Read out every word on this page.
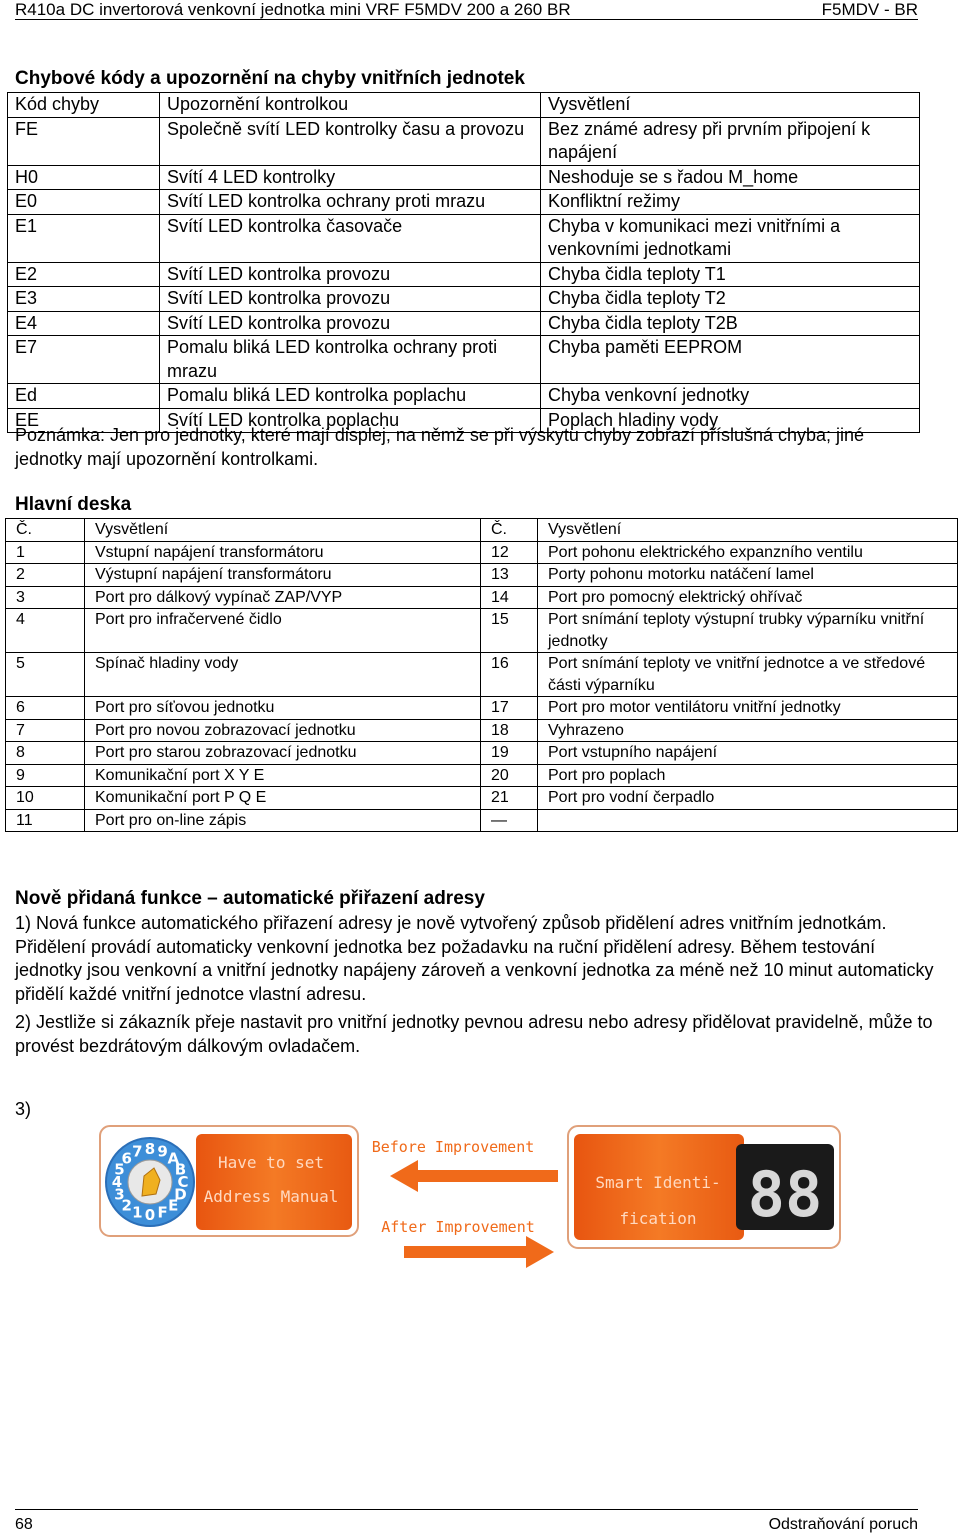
R410a DC invertorová venkovní jednotka mini VRF F5MDV 200 a 260 BR	F5MDV - BR
Chybové kódy a upozornění na chyby vnitřních jednotek
Kód chyby	Upozornění kontrolkou	Vysvětlení
FE	Společně svítí LED kontrolky času a provozu	Bez známé adresy při prvním připojení k napájení
H0	Svítí 4 LED kontrolky	Neshoduje se s řadou M_home
E0	Svítí LED kontrolka ochrany proti mrazu	Konfliktní režimy
E1	Svítí LED kontrolka časovače	Chyba v komunikaci mezi vnitřními a venkovními jednotkami
E2	Svítí LED kontrolka provozu	Chyba čidla teploty T1
E3	Svítí LED kontrolka provozu	Chyba čidla teploty T2
E4	Svítí LED kontrolka provozu	Chyba čidla teploty T2B
E7	Pomalu bliká LED kontrolka ochrany proti mrazu	Chyba paměti EEPROM
Ed	Pomalu bliká LED kontrolka poplachu	Chyba venkovní jednotky
EE	Svítí LED kontrolka poplachu	Poplach hladiny vody
Poznámka: Jen pro jednotky, které mají displej, na němž se při výskytu chyby zobrazí příslušná chyba; jiné jednotky mají upozornění kontrolkami.
Hlavní deska
Č.	Vysvětlení	Č.	Vysvětlení
1	Vstupní napájení transformátoru	12	Port pohonu elektrického expanzního ventilu
2	Výstupní napájení transformátoru	13	Porty pohonu motorku natáčení lamel
3	Port pro dálkový vypínač ZAP/VYP	14	Port pro pomocný elektrický ohřívač
4	Port pro infračervené čidlo	15	Port snímání teploty výstupní trubky výparníku vnitřní jednotky
5	Spínač hladiny vody	16	Port snímání teploty ve vnitřní jednotce a ve středové části výparníku
6	Port pro síťovou jednotku	17	Port pro motor ventilátoru vnitřní jednotky
7	Port pro novou zobrazovací jednotku	18	Vyhrazeno
8	Port pro starou zobrazovací jednotku	19	Port vstupního napájení
9	Komunikační port X Y E	20	Port pro poplach
10	Komunikační port P Q E	21	Port pro vodní čerpadlo
11	Port pro on-line zápis	—	
Nově přidaná funkce – automatické přiřazení adresy
1) Nová funkce automatického přiřazení adresy je nově vytvořený způsob přidělení adres vnitřním jednotkám. Přidělení provádí automaticky venkovní jednotka bez požadavku na ruční přidělení adresy. Během testování jednotky jsou venkovní a vnitřní jednotky napájeny zároveň a venkovní jednotka za méně než 10 minut automaticky přidělí každé vnitřní jednotce vlastní adresu.
2) Jestliže si zákazník přeje nastavit pro vnitřní jednotky pevnou adresu nebo adresy přidělovat pravidelně, může to provést bezdrátovým dálkovým ovladačem.
3)
0
1
2
3
4
5
6 7 8 9 A
B
C
D
E
F
Have to set
Address Manual
Before Improvement
After Improvement
Smart Identi-
fication 88
68	Odstraňování poruch
